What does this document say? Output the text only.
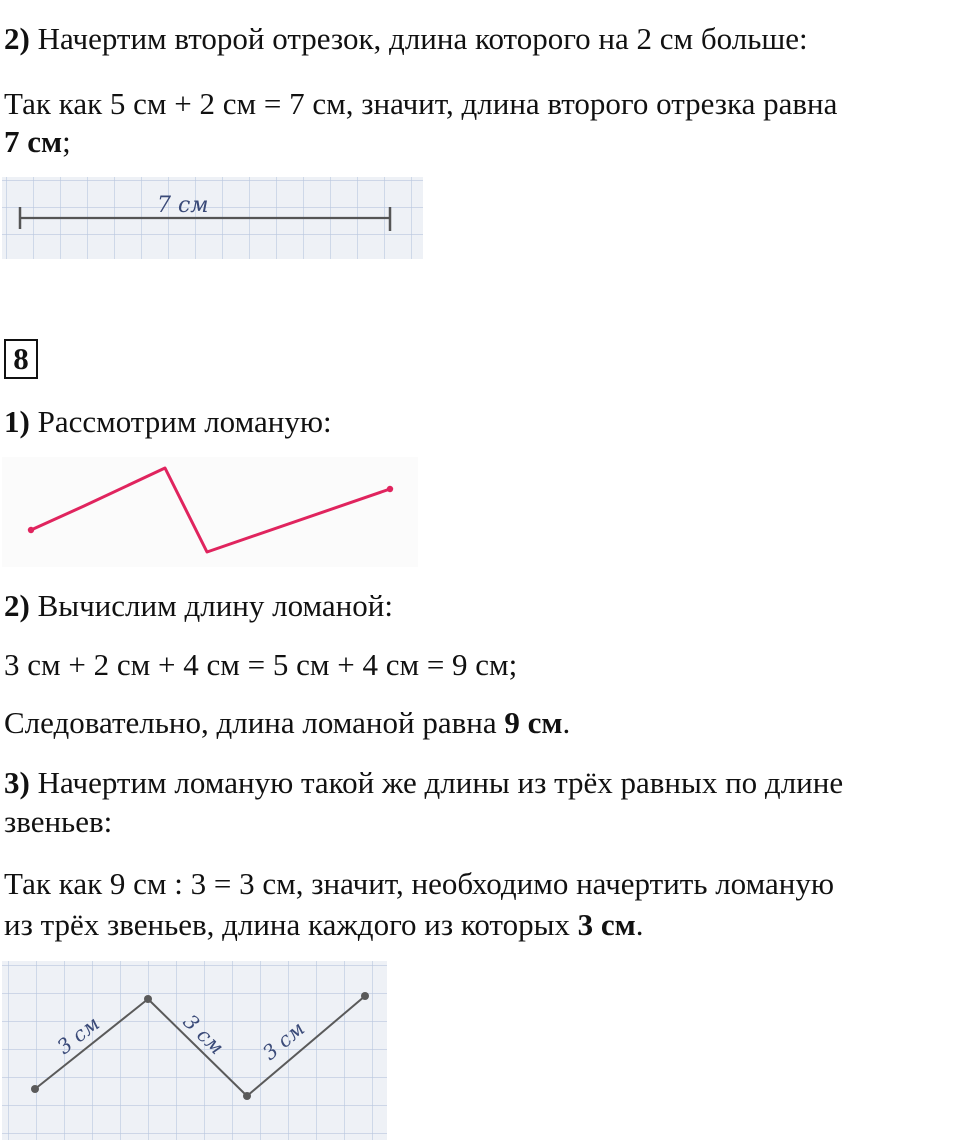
2) Начертим второй отрезок, длина которого на 2 см больше:
Так как 5 см + 2 см = 7 см, значит, длина второго отрезка равна
7 см;
7 см
8
1) Рассмотрим ломаную:
2) Вычислим длину ломаной:
3 см + 2 см + 4 см = 5 см + 4 см = 9 см;
Следовательно, длина ломаной равна 9 см.
3) Начертим ломаную такой же длины из трёх равных по длине
звеньев:
Так как 9 см : 3 = 3 см, значит, необходимо начертить ломаную
из трёх звеньев, длина каждого из которых 3 см.
3 см	3 см 3 см
